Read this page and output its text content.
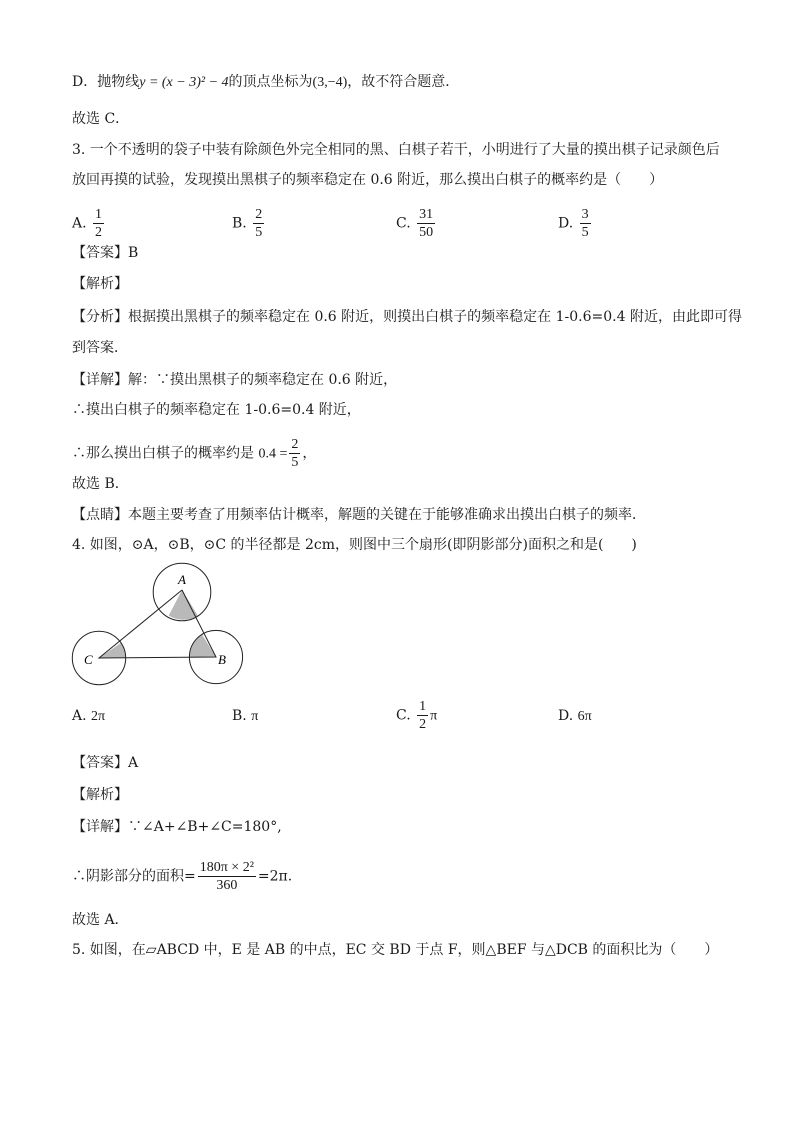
D．抛物线y = (x − 3)² − 4的顶点坐标为(3,−4)，故不符合题意．
故选 C．
3. 一个不透明的袋子中装有除颜色外完全相同的黑、白棋子若干，小明进行了大量的摸出棋子记录颜色后
放回再摸的试验，发现摸出黑棋子的频率稳定在 0.6 附近，那么摸出白棋子的概率约是（　　）
A. $\frac{1}{2}$	B. $\frac{2}{5}$	C. $\frac{31}{50}$	D. $\frac{3}{5}$
【答案】B
【解析】
【分析】根据摸出黑棋子的频率稳定在 0.6 附近，则摸出白棋子的频率稳定在 1-0.6=0.4 附近，由此即可得
到答案．
【详解】解：∵摸出黑棋子的频率稳定在 0.6 附近，
∴摸出白棋子的频率稳定在 1-0.6=0.4 附近，
∴那么摸出白棋子的概率约是 $0.4 = \frac{2}{5}$ ，
故选 B．
【点睛】本题主要考查了用频率估计概率，解题的关键在于能够准确求出摸出白棋子的频率．
4. 如图，⊙A，⊙B，⊙C 的半径都是 2cm，则图中三个扇形(即阴影部分)面积之和是(　　)
A
B
C
A. 2π	B. π	C. $\frac{1}{2}$ π	D. 6π
【答案】A
【解析】
【详解】∵∠A+∠B+∠C=180°,
∴阴影部分的面积= $\frac{\text{180π × 2²}}{360} =2\pi$.
故选 A．
5. 如图，在▱ABCD 中，E 是 AB 的中点，EC 交 BD 于点 F，则△BEF 与△DCB 的面积比为（　　）
